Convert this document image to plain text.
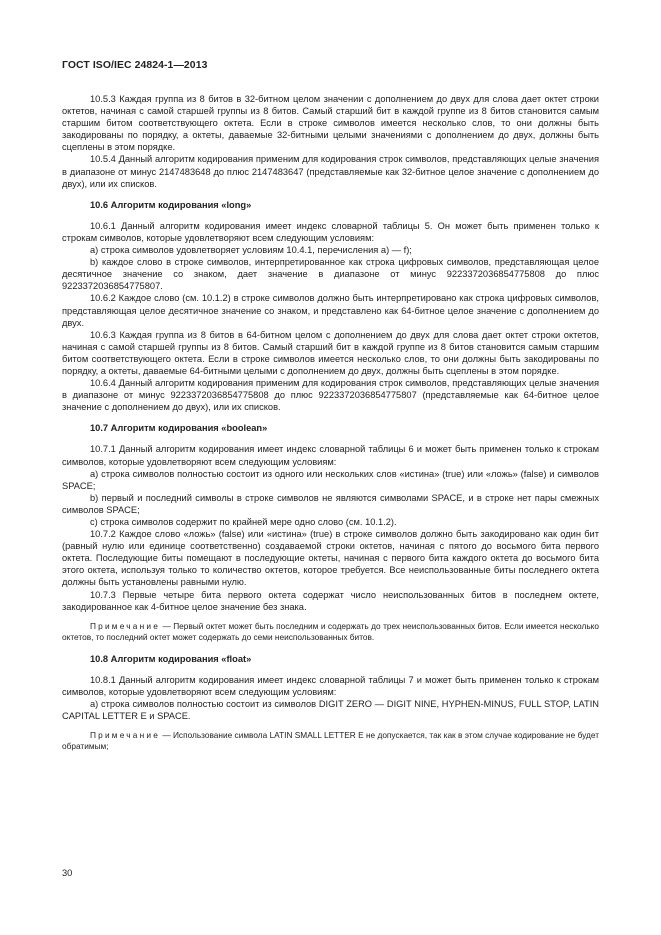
ГОСТ ISO/IEC 24824-1—2013

10.5.3 Каждая группа из 8 битов в 32-битном целом значении с дополнением до двух для слова дает октет строки октетов, начиная с самой старшей группы из 8 битов. Самый старший бит в каждой группе из 8 битов становится самым старшим битом соответствующего октета. Если в строке символов имеется несколько слов, то они должны быть закодированы по порядку, а октеты, даваемые 32-битными целыми значениями с дополнением до двух, должны быть сцеплены в этом порядке.

10.5.4 Данный алгоритм кодирования применим для кодирования строк символов, представляющих целые значения в диапазоне от минус 2147483648 до плюс 2147483647 (представляемые как 32-битное целое значение с дополнением до двух), или их списков.

10.6 Алгоритм кодирования «long»

10.6.1 Данный алгоритм кодирования имеет индекс словарной таблицы 5. Он может быть применен только к строкам символов, которые удовлетворяют всем следующим условиям:

a) строка символов удовлетворяет условиям 10.4.1, перечисления а) — f);

b) каждое слово в строке символов, интерпретированное как строка цифровых символов, представляющая целое десятичное значение со знаком, дает значение в диапазоне от минус 9223372036854775808 до плюс 9223372036854775807.

10.6.2 Каждое слово (см. 10.1.2) в строке символов должно быть интерпретировано как строка цифровых символов, представляющая целое десятичное значение со знаком, и представлено как 64-битное целое значение с дополнением до двух.

10.6.3 Каждая группа из 8 битов в 64-битном целом с дополнением до двух для слова дает октет строки октетов, начиная с самой старшей группы из 8 битов. Самый старший бит в каждой группе из 8 битов становится самым старшим битом соответствующего октета. Если в строке символов имеется несколько слов, то они должны быть закодированы по порядку, а октеты, даваемые 64-битными целыми с дополнением до двух, должны быть сцеплены в этом порядке.

10.6.4 Данный алгоритм кодирования применим для кодирования строк символов, представляющих целые значения в диапазоне от минус 9223372036854775808 до плюс 9223372036854775807 (представляемые как 64-битное целое значение с дополнением до двух), или их списков.

10.7 Алгоритм кодирования «boolean»

10.7.1 Данный алгоритм кодирования имеет индекс словарной таблицы 6 и может быть применен только к строкам символов, которые удовлетворяют всем следующим условиям:

a) строка символов полностью состоит из одного или нескольких слов «истина» (true) или «ложь» (false) и символов SPACE;

b) первый и последний символы в строке символов не являются символами SPACE, и в строке нет пары смежных символов SPACE;

c) строка символов содержит по крайней мере одно слово (см. 10.1.2).

10.7.2 Каждое слово «ложь» (false) или «истина» (true) в строке символов должно быть закодировано как один бит (равный нулю или единице соответственно) создаваемой строки октетов, начиная с пятого до восьмого бита первого октета. Последующие биты помещают в последующие октеты, начиная с первого бита каждого октета до восьмого бита этого октета, используя только то количество октетов, которое требуется. Все неиспользованные биты последнего октета должны быть установлены равными нулю.

10.7.3 Первые четыре бита первого октета содержат число неиспользованных битов в последнем октете, закодированное как 4-битное целое значение без знака.

Примечание — Первый октет может быть последним и содержать до трех неиспользованных битов. Если имеется несколько октетов, то последний октет может содержать до семи неиспользованных битов.

10.8 Алгоритм кодирования «float»

10.8.1 Данный алгоритм кодирования имеет индекс словарной таблицы 7 и может быть применен только к строкам символов, которые удовлетворяют всем следующим условиям:

a) строка символов полностью состоит из символов DIGIT ZERO — DIGIT NINE, HYPHEN-MINUS, FULL STOP, LATIN CAPITAL LETTER E и SPACE.

Примечание — Использование символа LATIN SMALL LETTER E не допускается, так как в этом случае кодирование не будет обратимым;

30
